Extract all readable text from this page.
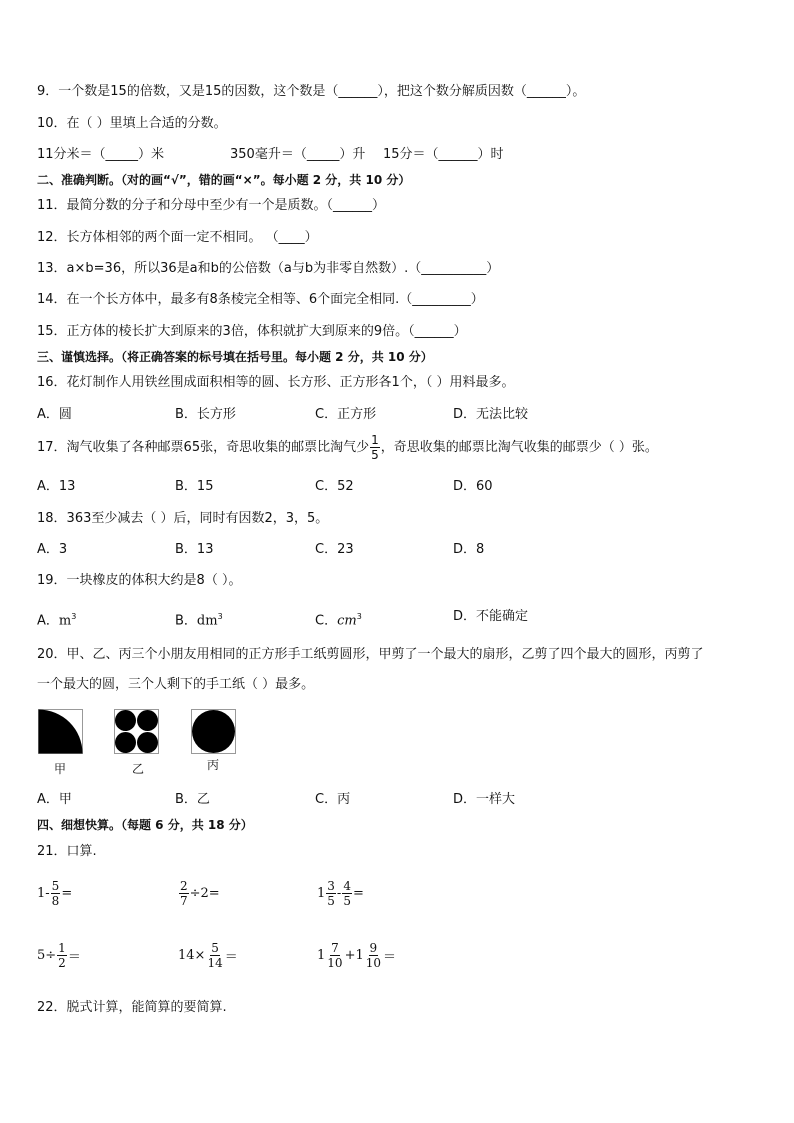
9．一个数是15的倍数，又是15的因数，这个数是（______），把这个数分解质因数（______）。
10．在（ ）里填上合适的分数。
11分米＝（_____）米	350毫升＝（_____）升 15分＝（______）时
二、准确判断。（对的画“√”，错的画“×”。每小题 2 分，共 10 分）
11．最简分数的分子和分母中至少有一个是质数。（______）
12．长方体相邻的两个面一定不相同。 （____）
13．a×b=36，所以36是a和b的公倍数（a与b为非零自然数）.（__________）
14．在一个长方体中，最多有8条棱完全相等、6个面完全相同.（_________）
15．正方体的棱长扩大到原来的3倍，体积就扩大到原来的9倍。（______）
三、谨慎选择。（将正确答案的标号填在括号里。每小题 2 分，共 10 分）
16．花灯制作人用铁丝围成面积相等的圆、长方形、正方形各1个，（ ）用料最多。
A．圆	B．长方形	C．正方形	D．无法比较
17．淘气收集了各种邮票65张，奇思收集的邮票比淘气少 $\frac{1}{5}$ ，奇思收集的邮票比淘气收集的邮票少（ ）张。
A．13	B．15	C．52	D．60
18．363至少减去（ ）后，同时有因数2，3，5。
A．3	B．13	C．23	D．8
19．一块橡皮的体积大约是8（ ）。
A．$m^3$	B．$dm^3$	C．$cm^3$	D．不能确定
20．甲、乙、丙三个小朋友用相同的正方形手工纸剪圆形，甲剪了一个最大的扇形，乙剪了四个最大的圆形，丙剪了
一个最大的圆，三个人剩下的手工纸（ ）最多。
甲	乙	丙
A．甲	B．乙	C．丙	D．一样大
四、细想快算。（每题 6 分，共 18 分）
21．口算.
$1- \frac{5}{8}$ =	$\frac{2}{7} \div 2=$	$1 \frac{3}{5} - \frac{4}{5}$ =
$5\div \frac{1}{2}$ ＝	$14\times \frac{5}{14}$ ＝	$1 \frac{7}{10} +1 \frac{9}{10}$ ＝
22．脱式计算，能简算的要简算.
